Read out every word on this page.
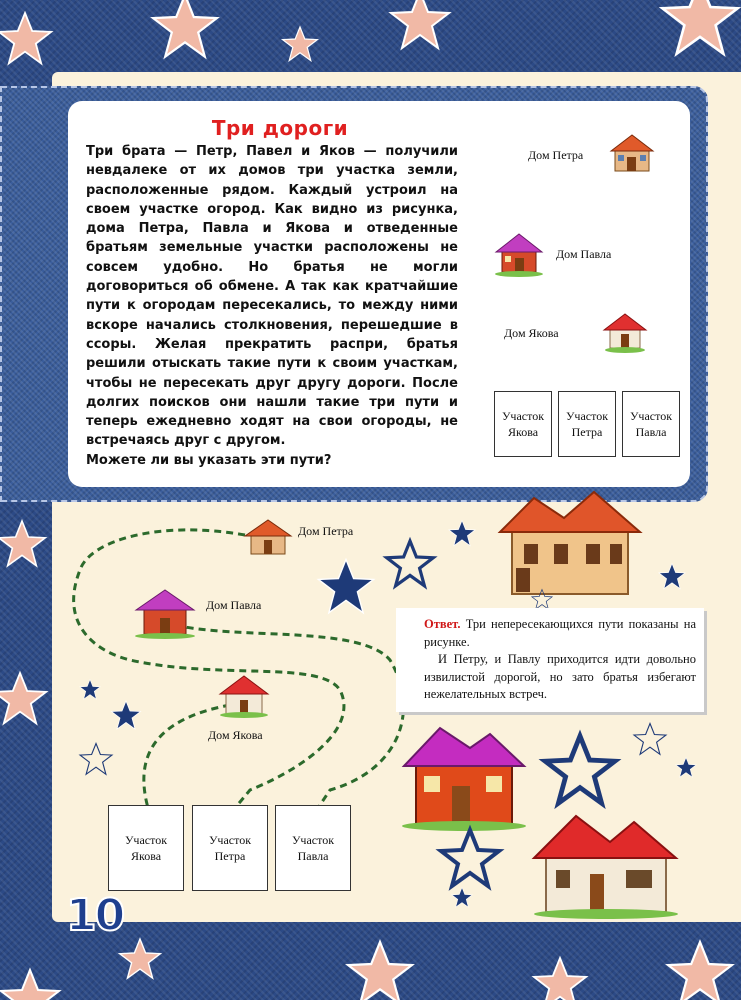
Три дороги

Три брата — Петр, Павел и Яков — получили невдалеке от их домов три участка земли, расположенные рядом. Каждый устроил на своем участке огород. Как видно из рисунка, дома Петра, Павла и Якова и отведенные братьям земельные участки расположены не совсем удобно. Но братья не могли договориться об обмене. А так как кратчайшие пути к огородам пересекались, то между ними вскоре начались столкновения, перешедшие в ссоры. Желая прекратить распри, братья решили отыскать такие пути к своим участкам, чтобы не пересекать друг другу дороги. После долгих поисков они нашли такие три пути и теперь ежедневно ходят на свои огороды, не встречаясь друг с другом.
Можете ли вы указать эти пути?

Дом Петра
Дом Павла
Дом Якова
Участок Якова
Участок Петра
Участок Павла
Дом Петра
Дом Павла
Дом Якова
Участок Якова
Участок Петра
Участок Павла

Ответ. Три непересекающихся пути показаны на рисунке.
И Петру, и Павлу приходится идти довольно извилистой дорогой, но зато братья избегают нежелательных встреч.

10
